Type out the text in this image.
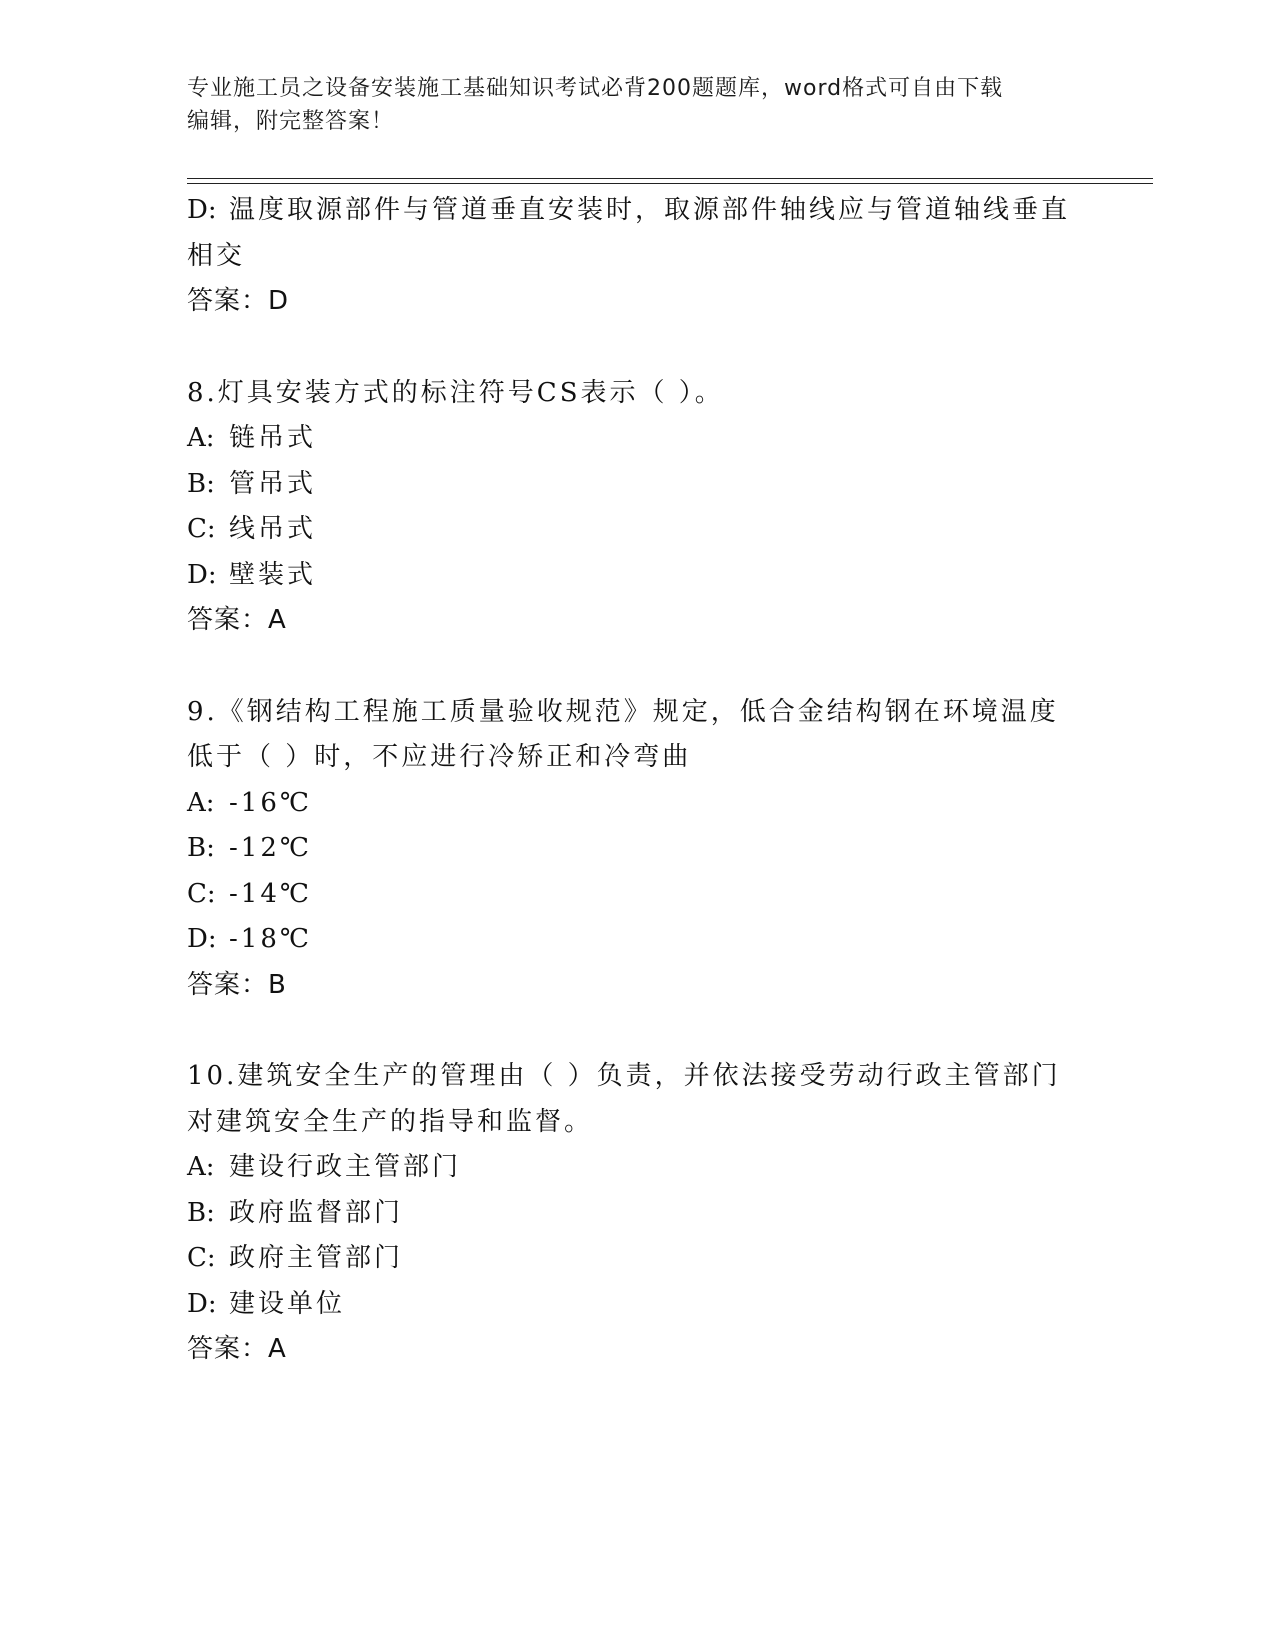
专业施工员之设备安装施工基础知识考试必背200题题库，word格式可自由下载
编辑，附完整答案！
D: 温度取源部件与管道垂直安装时，取源部件轴线应与管道轴线垂直
相交
答案：D
8.灯具安装方式的标注符号CS表示（ ）。
A: 链吊式
B: 管吊式
C: 线吊式
D: 壁装式
答案：A
9.《钢结构工程施工质量验收规范》规定，低合金结构钢在环境温度
低于（ ）时，不应进行冷矫正和冷弯曲
A: -16℃
B: -12℃
C: -14℃
D: -18℃
答案：B
10.建筑安全生产的管理由（ ）负责，并依法接受劳动行政主管部门
对建筑安全生产的指导和监督。
A: 建设行政主管部门
B: 政府监督部门
C: 政府主管部门
D: 建设单位
答案：A
